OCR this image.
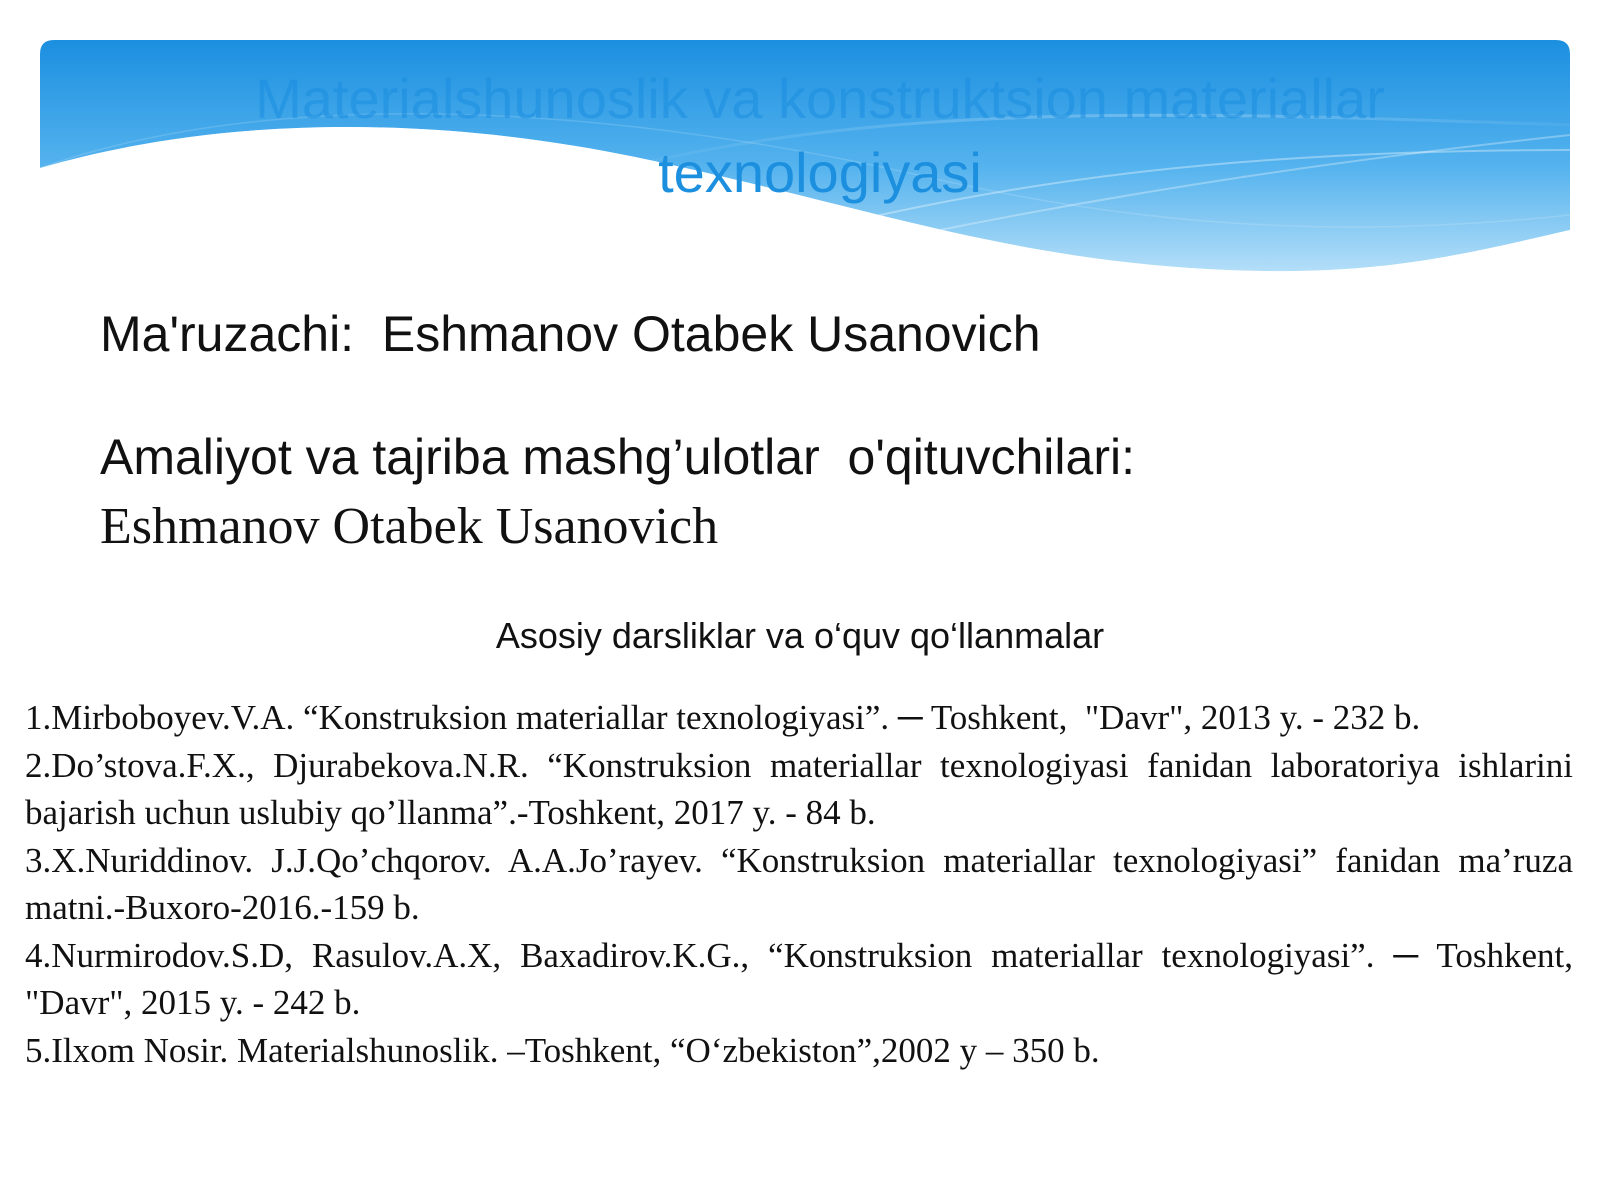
Materialshunoslik va konstruktsion materiallar
texnologiyasi
Ma'ruzachi:  Eshmanov Otabek Usanovich
Amaliyot va tajriba mashg’ulotlar  o'qituvchilari:
Eshmanov Otabek Usanovich
Asosiy darsliklar va o‘quv qo‘llanmalar
1.Mirboboyev.V.A. “Konstruksion materiallar texnologiyasi”. ─ Toshkent,  "Davr", 2013 y. - 232 b.
2.Do’stova.F.X., Djurabekova.N.R. “Konstruksion materiallar texnologiyasi fanidan laboratoriya ishlarini bajarish uchun uslubiy qo’llanma”.-Toshkent, 2017 y. - 84 b.
3.X.Nuriddinov. J.J.Qo’chqorov. A.A.Jo’rayev. “Konstruksion materiallar texnologiyasi” fanidan ma’ruza matni.-Buxoro-2016.-159 b.
4.Nurmirodov.S.D, Rasulov.A.X, Baxadirov.K.G., “Konstruksion materiallar texnologiyasi”. ─ Toshkent,  "Davr", 2015 y. - 242 b.
5.Ilxom Nosir. Materialshunoslik. –Toshkent, “O‘zbekiston”,2002 y – 350 b.
